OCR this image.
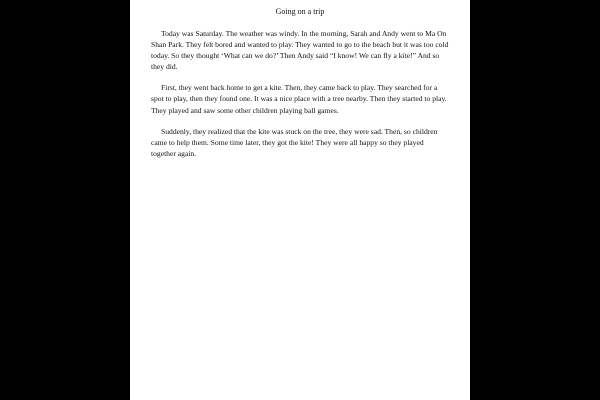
Going on a trip

Today was Saturday. The weather was windy. In the morning, Sarah and Andy went to Ma On Shan Park. They felt bored and wanted to play. They wanted to go to the beach but it was too cold today. So they thought ‘What can we do?’ Then Andy said “I know! We can fly a kite!” And so they did.

First, they went back home to get a kite. Then, they came back to play. They searched for a spot to play, then they found one. It was a nice place with a tree nearby. Then they started to play. They played and saw some other children playing ball games.

Suddenly, they realized that the kite was stuck on the tree, they were sad. Then, so children came to help them. Some time later, they got the kite! They were all happy so they played together again.
